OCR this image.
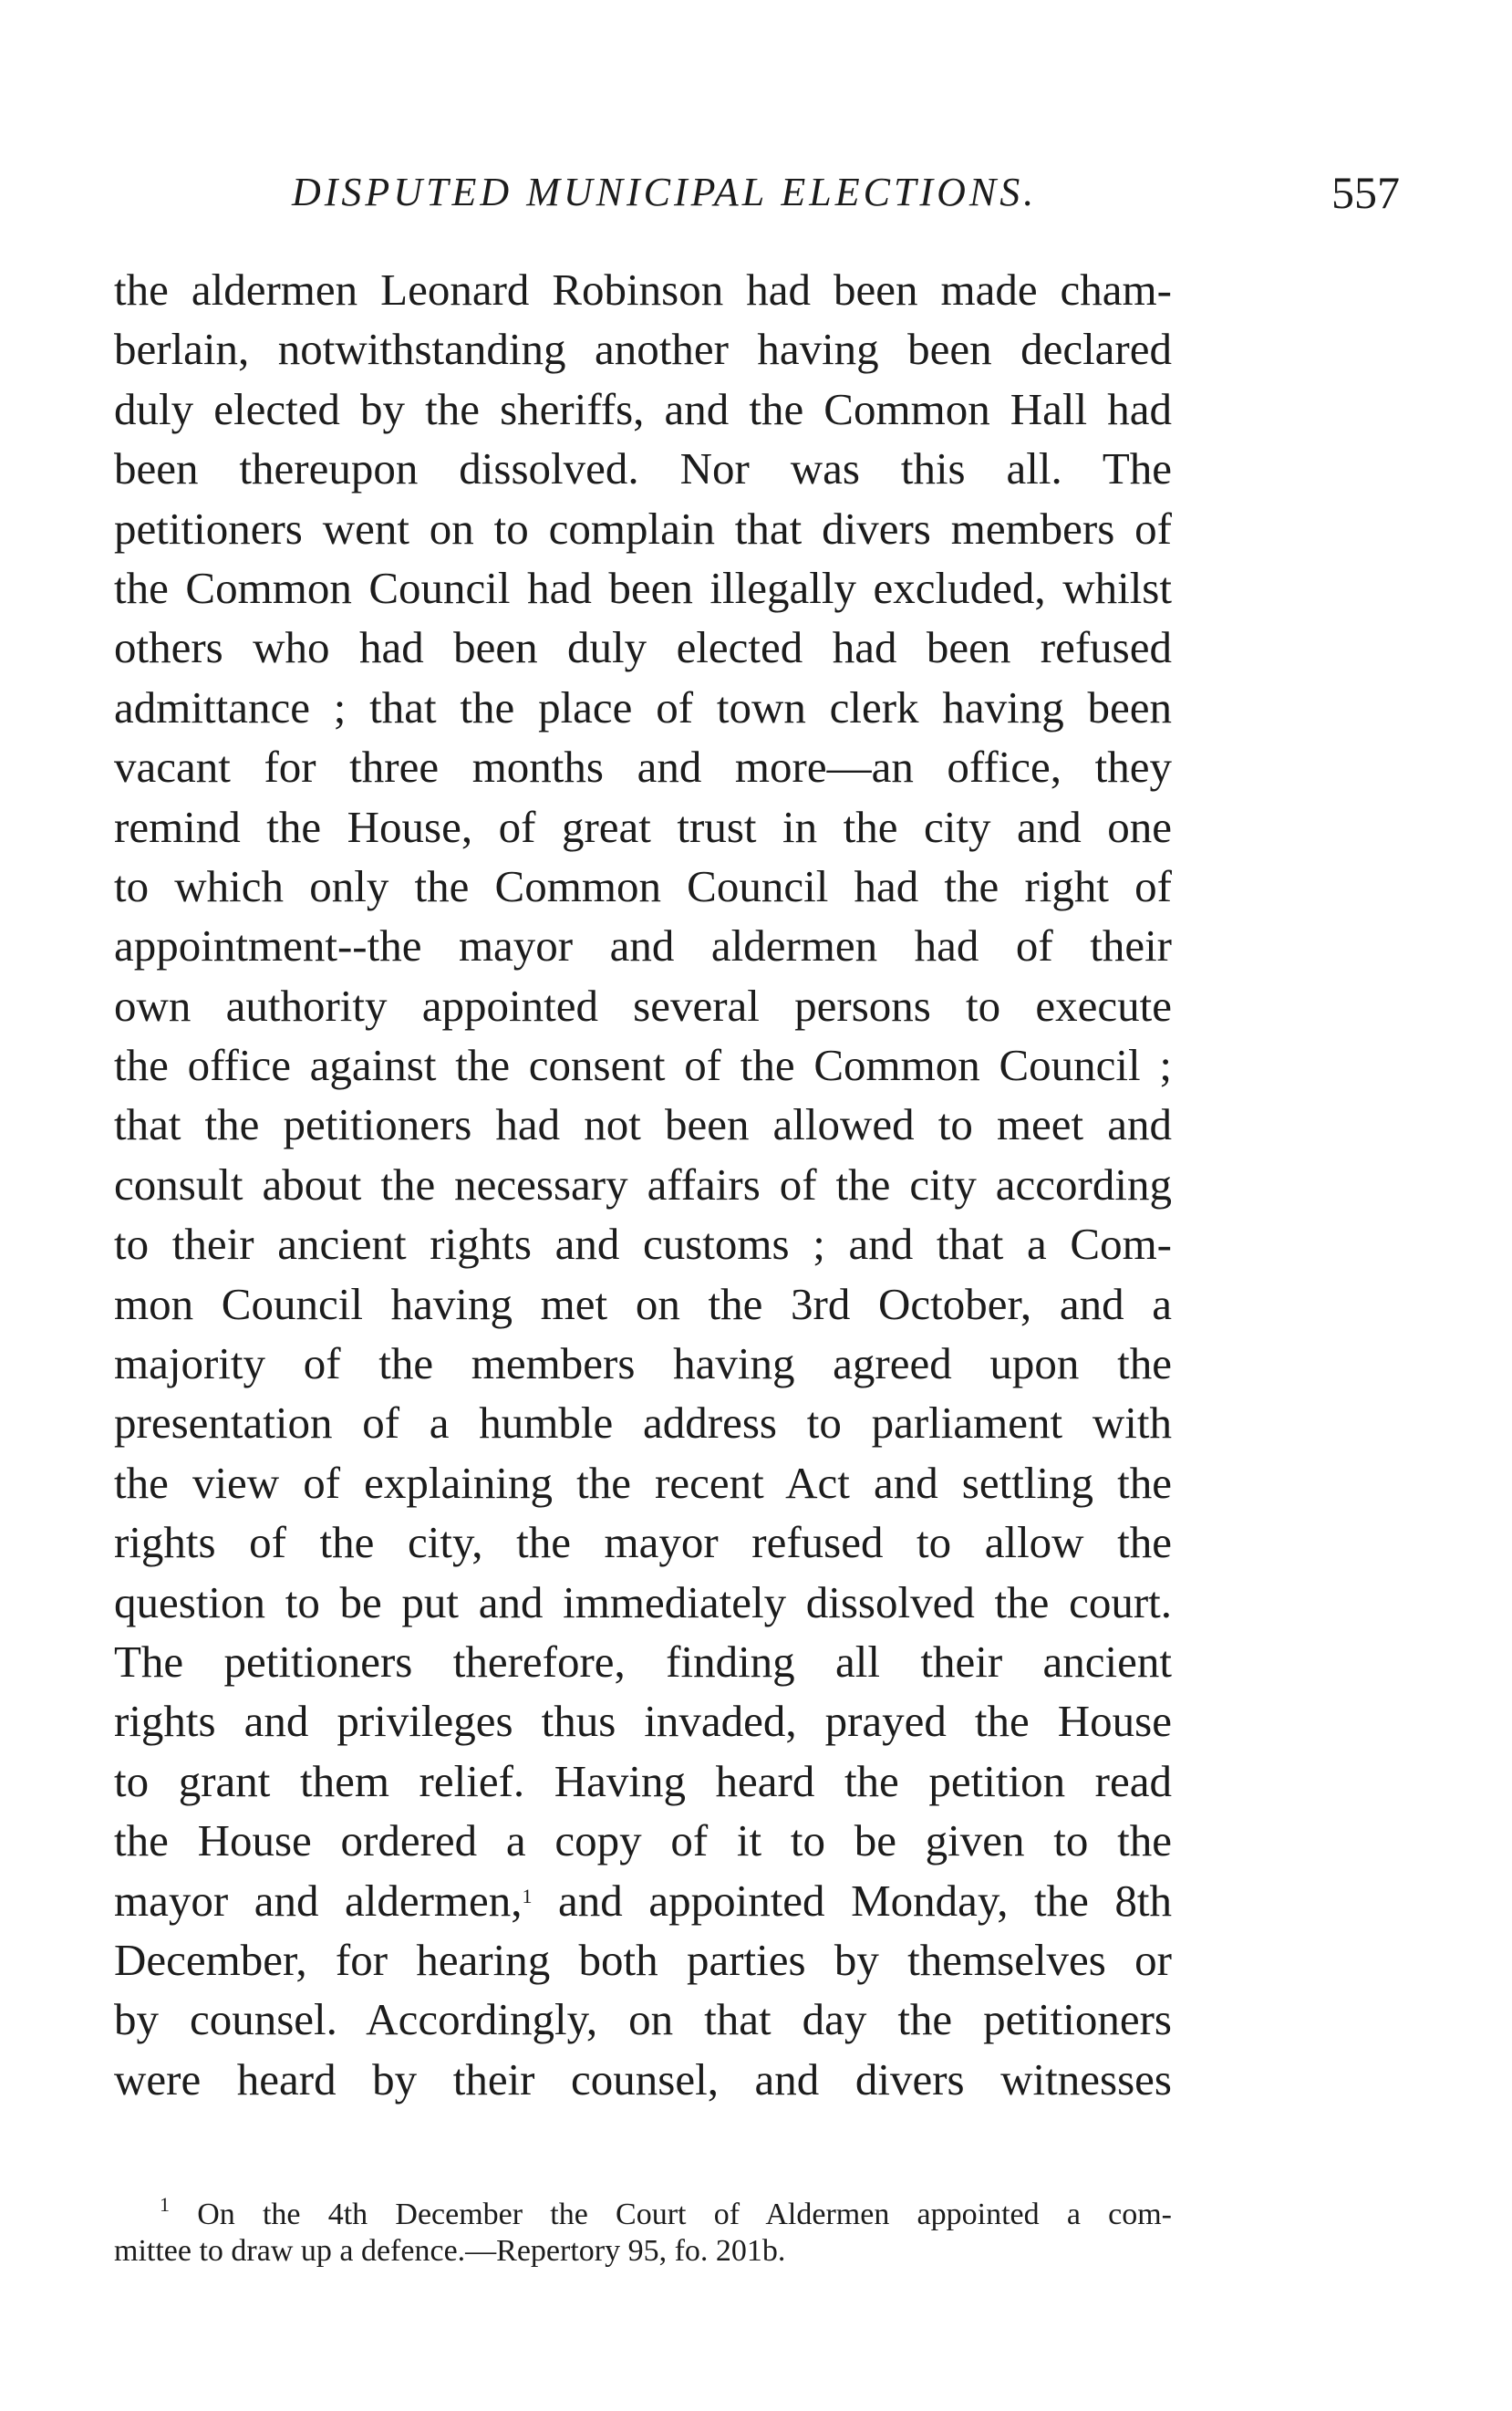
DISPUTED MUNICIPAL ELECTIONS.	557
the aldermen Leonard Robinson had been made cham-
berlain, notwithstanding another having been declared
duly elected by the sheriffs, and the Common Hall had
been thereupon dissolved. Nor was this all. The
petitioners went on to complain that divers members of
the Common Council had been illegally excluded, whilst
others who had been duly elected had been refused
admittance ; that the place of town clerk having been
vacant for three months and more—an office, they
remind the House, of great trust in the city and one
to which only the Common Council had the right of
appointment--the mayor and aldermen had of their
own authority appointed several persons to execute
the office against the consent of the Common Council ;
that the petitioners had not been allowed to meet and
consult about the necessary affairs of the city according
to their ancient rights and customs ; and that a Com-
mon Council having met on the 3rd October, and a
majority of the members having agreed upon the
presentation of a humble address to parliament with
the view of explaining the recent Act and settling the
rights of the city, the mayor refused to allow the
question to be put and immediately dissolved the court.
The petitioners therefore, finding all their ancient
rights and privileges thus invaded, prayed the House
to grant them relief. Having heard the petition read
the House ordered a copy of it to be given to the
mayor and aldermen,$^1$ and appointed Monday, the 8th
December, for hearing both parties by themselves or
by counsel. Accordingly, on that day the petitioners
were heard by their counsel, and divers witnesses
$^1$ On the 4th December the Court of Aldermen appointed a com-
mittee to draw up a defence.—Repertory 95, fo. 201b.
